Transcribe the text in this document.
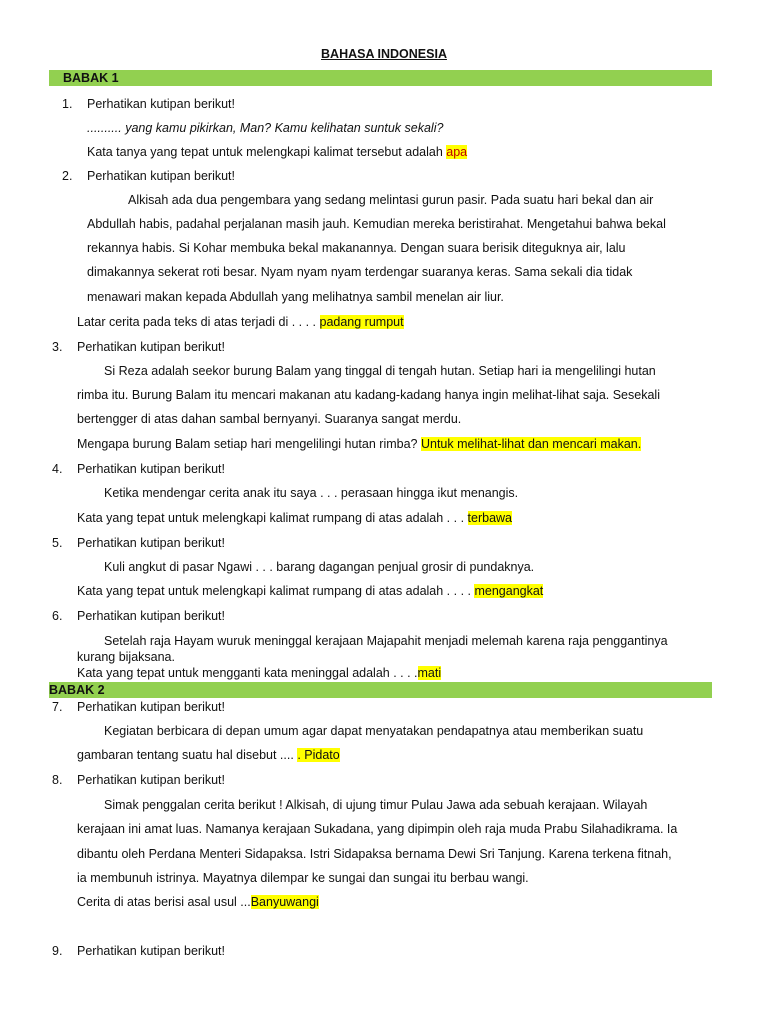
BAHASA INDONESIA
BABAK 1
1. Perhatikan kutipan berikut!
.......... yang kamu pikirkan, Man? Kamu kelihatan suntuk sekali?
Kata tanya yang tepat untuk melengkapi kalimat tersebut adalah apa
2. Perhatikan kutipan berikut!
Alkisah ada dua pengembara yang sedang melintasi gurun pasir. Pada suatu hari bekal dan air
Abdullah habis, padahal perjalanan masih jauh. Kemudian mereka beristirahat. Mengetahui bahwa bekal
rekannya habis. Si Kohar membuka bekal makanannya. Dengan suara berisik diteguknya air, lalu
dimakannya sekerat roti besar. Nyam nyam nyam terdengar suaranya keras. Sama sekali dia tidak
menawari makan kepada Abdullah yang melihatnya sambil menelan air liur.
Latar cerita pada teks di atas terjadi di . . . . padang rumput
3. Perhatikan kutipan berikut!
Si Reza adalah seekor burung Balam yang tinggal di tengah hutan. Setiap hari ia mengelilingi hutan
rimba itu. Burung Balam itu mencari makanan atu kadang-kadang hanya ingin melihat-lihat saja. Sesekali
bertengger di atas dahan sambal bernyanyi. Suaranya sangat merdu.
Mengapa burung Balam setiap hari mengelilingi hutan rimba? Untuk melihat-lihat dan mencari makan.
4. Perhatikan kutipan berikut!
Ketika mendengar cerita anak itu saya . . . perasaan hingga ikut menangis.
Kata yang tepat untuk melengkapi kalimat rumpang di atas adalah . . . terbawa
5. Perhatikan kutipan berikut!
Kuli angkut di pasar Ngawi . . . barang dagangan penjual grosir di pundaknya.
Kata yang tepat untuk melengkapi kalimat rumpang di atas adalah . . . . mengangkat
6. Perhatikan kutipan berikut!
Setelah raja Hayam wuruk meninggal kerajaan Majapahit menjadi melemah karena raja penggantinya
kurang bijaksana.
Kata yang tepat untuk mengganti kata meninggal adalah . . . .mati
BABAK 2
7. Perhatikan kutipan berikut!
Kegiatan berbicara di depan umum agar dapat menyatakan pendapatnya atau memberikan suatu
gambaran tentang suatu hal disebut .... . Pidato
8. Perhatikan kutipan berikut!
Simak penggalan cerita berikut ! Alkisah, di ujung timur Pulau Jawa ada sebuah kerajaan. Wilayah
kerajaan ini amat luas. Namanya kerajaan Sukadana, yang dipimpin oleh raja muda Prabu Silahadikrama. Ia
dibantu oleh Perdana Menteri Sidapaksa. Istri Sidapaksa bernama Dewi Sri Tanjung. Karena terkena fitnah,
ia membunuh istrinya. Mayatnya dilempar ke sungai dan sungai itu berbau wangi.
Cerita di atas berisi asal usul ...Banyuwangi
9. Perhatikan kutipan berikut!
